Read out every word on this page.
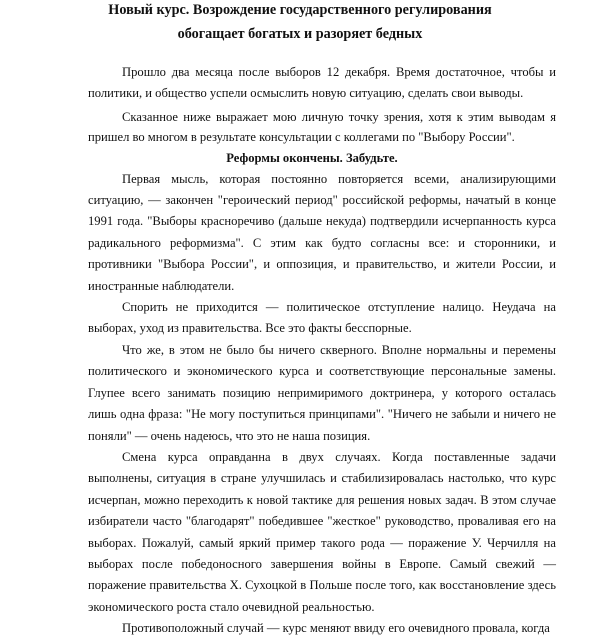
Новый курс. Возрождение государственного регулирования
обогащает богатых и разоряет бедных

Прошло два месяца после выборов 12 декабря. Время достаточное, чтобы и политики, и общество успели осмыслить новую ситуацию, сделать свои выводы.

Сказанное ниже выражает мою личную точку зрения, хотя к этим выводам я пришел во многом в результате консультации с коллегами по "Выбору России".

Реформы окончены. Забудьте.

Первая мысль, которая постоянно повторяется всеми, анализирующими ситуацию, — закончен "героический период" российской реформы, начатый в конце 1991 года. "Выборы красноречиво (дальше некуда) подтвердили исчерпанность курса радикального реформизма". С этим как будто согласны все: и сторонники, и противники "Выбора России", и оппозиция, и правительство, и жители России, и иностранные наблюдатели.

Спорить не приходится — политическое отступление налицо. Неудача на выборах, уход из правительства. Все это факты бесспорные.

Что же, в этом не было бы ничего скверного. Вполне нормальны и перемены политического и экономического курса и соответствующие персональные замены. Глупее всего занимать позицию непримиримого доктринера, у которого осталась лишь одна фраза: "Не могу поступиться принципами". "Ничего не забыли и ничего не поняли" — очень надеюсь, что это не наша позиция.

Смена курса оправданна в двух случаях. Когда поставленные задачи выполнены, ситуация в стране улучшилась и стабилизировалась настолько, что курс исчерпан, можно переходить к новой тактике для решения новых задач. В этом случае избиратели часто "благодарят" победившее "жесткое" руководство, проваливая его на выборах. Пожалуй, самый яркий пример такого рода — поражение У. Черчилля на выборах после победоносного завершения войны в Европе. Самый свежий — поражение правительства Х. Сухоцкой в Польше после того, как восстановление здесь экономического роста стало очевидной реальностью.

Противоположный случай — курс меняют ввиду его очевидного провала, когда
